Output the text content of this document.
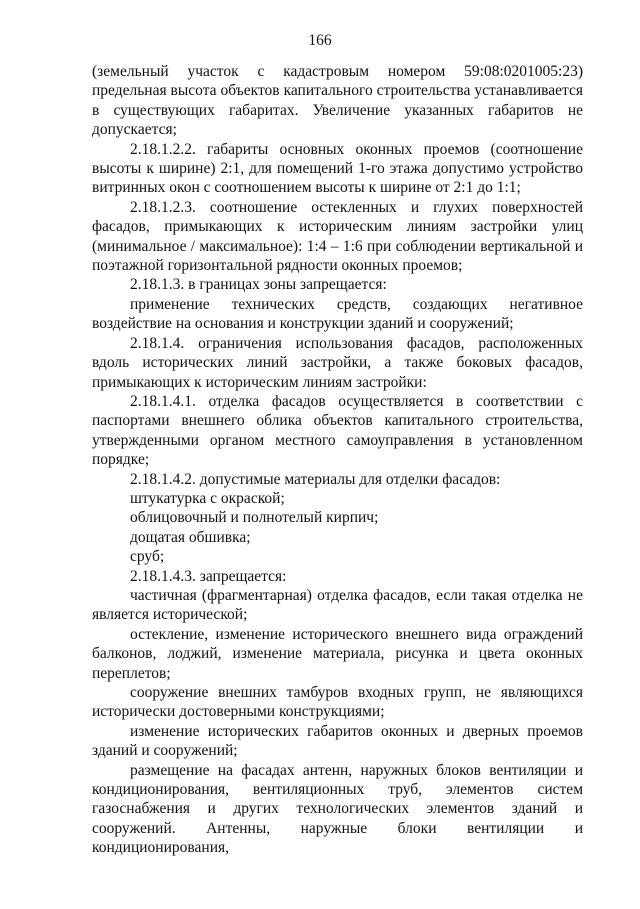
166

(земельный участок с кадастровым номером 59:08:0201005:23) предельная высота объектов капитального строительства устанавливается в существующих габаритах. Увеличение указанных габаритов не допускается;

2.18.1.2.2. габариты основных оконных проемов (соотношение высоты к ширине) 2:1, для помещений 1-го этажа допустимо устройство витринных окон с соотношением высоты к ширине от 2:1 до 1:1;

2.18.1.2.3. соотношение остекленных и глухих поверхностей фасадов, примыкающих к историческим линиям застройки улиц (минимальное / максимальное): 1:4 – 1:6 при соблюдении вертикальной и поэтажной горизонтальной рядности оконных проемов;

2.18.1.3. в границах зоны запрещается:

применение технических средств, создающих негативное воздействие на основания и конструкции зданий и сооружений;

2.18.1.4. ограничения использования фасадов, расположенных вдоль исторических линий застройки, а также боковых фасадов, примыкающих к историческим линиям застройки:

2.18.1.4.1. отделка фасадов осуществляется в соответствии с паспортами внешнего облика объектов капитального строительства, утвержденными органом местного самоуправления в установленном порядке;

2.18.1.4.2. допустимые материалы для отделки фасадов:

штукатурка с окраской;

облицовочный и полнотелый кирпич;

дощатая обшивка;

сруб;

2.18.1.4.3. запрещается:

частичная (фрагментарная) отделка фасадов, если такая отделка не является исторической;

остекление, изменение исторического внешнего вида ограждений балконов, лоджий, изменение материала, рисунка и цвета оконных переплетов;

сооружение внешних тамбуров входных групп, не являющихся исторически достоверными конструкциями;

изменение исторических габаритов оконных и дверных проемов зданий и сооружений;

размещение на фасадах антенн, наружных блоков вентиляции и кондиционирования, вентиляционных труб, элементов систем газоснабжения и других технологических элементов зданий и сооружений. Антенны, наружные блоки вентиляции и кондиционирования,
